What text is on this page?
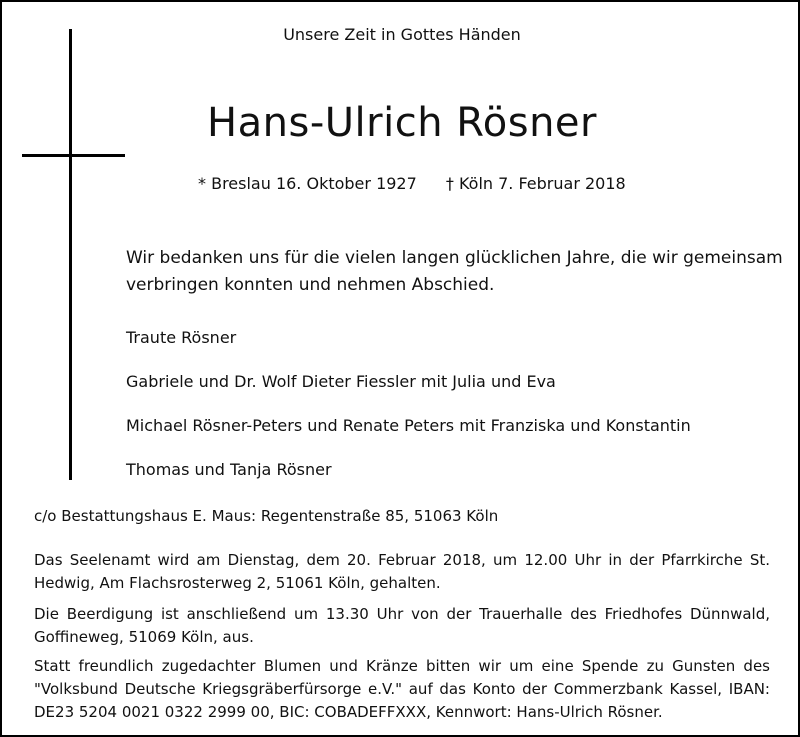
Unsere Zeit in Gottes Händen
Hans-Ulrich Rösner
* Breslau 16. Oktober 1927 † Köln 7. Februar 2018
Wir bedanken uns für die vielen langen glücklichen Jahre, die wir gemeinsam verbringen konnten und nehmen Abschied.
Traute Rösner
Gabriele und Dr. Wolf Dieter Fiessler mit Julia und Eva
Michael Rösner-Peters und Renate Peters mit Franziska und Konstantin
Thomas und Tanja Rösner
c/o Bestattungshaus E. Maus: Regentenstraße 85, 51063 Köln
Das Seelenamt wird am Dienstag, dem 20. Februar 2018, um 12.00 Uhr in der Pfarrkirche St. Hedwig, Am Flachsrosterweg 2, 51061 Köln, gehalten.
Die Beerdigung ist anschließend um 13.30 Uhr von der Trauerhalle des Friedhofes Dünnwald, Goffineweg, 51069 Köln, aus.
Statt freundlich zugedachter Blumen und Kränze bitten wir um eine Spende zu Gunsten des "Volksbund Deutsche Kriegsgräberfürsorge e.V." auf das Konto der Commerzbank Kassel, IBAN: DE23 5204 0021 0322 2999 00, BIC: COBADEFFXXX, Kennwort: Hans-Ulrich Rösner.
